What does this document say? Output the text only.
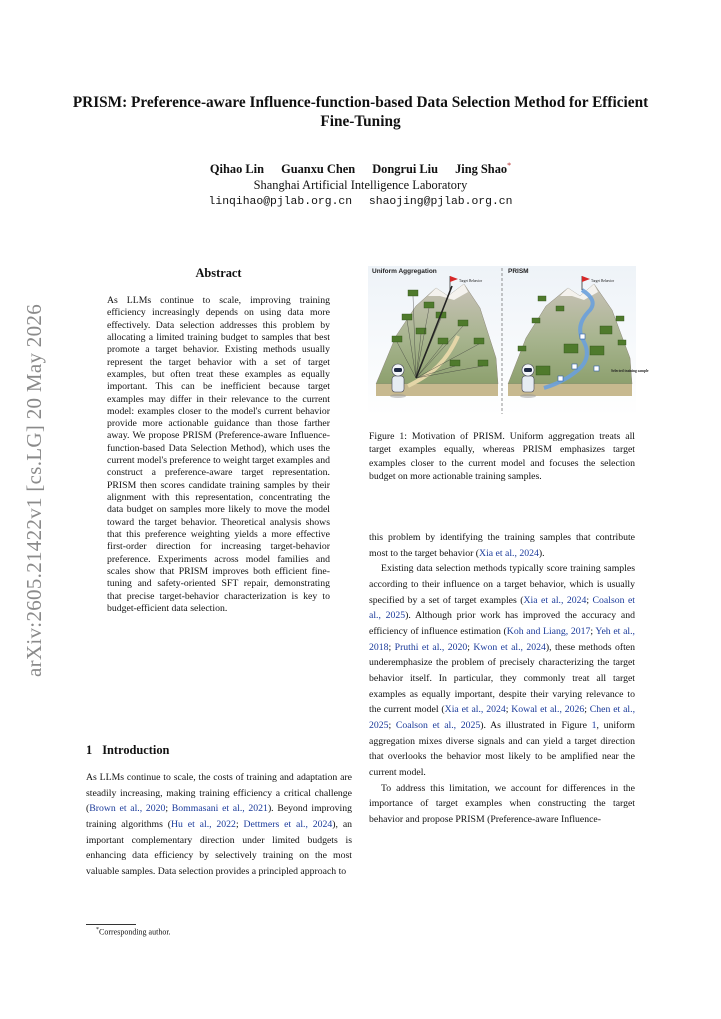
arXiv:2605.21422v1 [cs.LG] 20 May 2026
PRISM: Preference-aware Influence-function-based Data Selection Method for Efficient Fine-Tuning
Qihao Lin Guanxu Chen Dongrui Liu Jing Shao*
Shanghai Artificial Intelligence Laboratory
linqihao@pjlab.org.cn shaojing@pjlab.org.cn
Abstract
As LLMs continue to scale, improving training efficiency increasingly depends on using data more effectively. Data selection addresses this problem by allocating a limited training budget to samples that best promote a target behavior. Existing methods usually represent the target behavior with a set of target examples, but often treat these examples as equally important. This can be inefficient because target examples may differ in their relevance to the current model: examples closer to the model's current behavior provide more actionable guidance than those farther away. We propose PRISM (Preference-aware Influence-function-based Data Selection Method), which uses the current model's preference to weight target examples and construct a preference-aware target representation. PRISM then scores candidate training samples by their alignment with this representation, concentrating the data budget on samples more likely to move the model toward the target behavior. Theoretical analysis shows that this preference weighting yields a more effective first-order direction for increasing target-behavior preference. Experiments across model families and scales show that PRISM improves both efficient fine-tuning and safety-oriented SFT repair, demonstrating that precise target-behavior characterization is key to budget-efficient data selection.
1 Introduction
As LLMs continue to scale, the costs of training and adaptation are steadily increasing, making training efficiency a critical challenge (Brown et al., 2020; Bommasani et al., 2021). Beyond improving training algorithms (Hu et al., 2022; Dettmers et al., 2024), an important complementary direction under limited budgets is enhancing data efficiency by selectively training on the most valuable samples. Data selection provides a principled approach to
*Corresponding author.
Uniform Aggregation
Target Behavior
PRISM
Target Behavior
Selected training sample
Figure 1: Motivation of PRISM. Uniform aggregation treats all target examples equally, whereas PRISM emphasizes target examples closer to the current model and focuses the selection budget on more actionable training samples.

this problem by identifying the training samples that contribute most to the target behavior (Xia et al., 2024).

Existing data selection methods typically score training samples according to their influence on a target behavior, which is usually specified by a set of target examples (Xia et al., 2024; Coalson et al., 2025). Although prior work has improved the accuracy and efficiency of influence estimation (Koh and Liang, 2017; Yeh et al., 2018; Pruthi et al., 2020; Kwon et al., 2024), these methods often underemphasize the problem of precisely characterizing the target behavior itself. In particular, they commonly treat all target examples as equally important, despite their varying relevance to the current model (Xia et al., 2024; Kowal et al., 2026; Chen et al., 2025; Coalson et al., 2025). As illustrated in Figure 1, uniform aggregation mixes diverse signals and can yield a target direction that overlooks the behavior most likely to be amplified near the current model.

To address this limitation, we account for differences in the importance of target examples when constructing the target behavior and propose PRISM (Preference-aware Influence-
